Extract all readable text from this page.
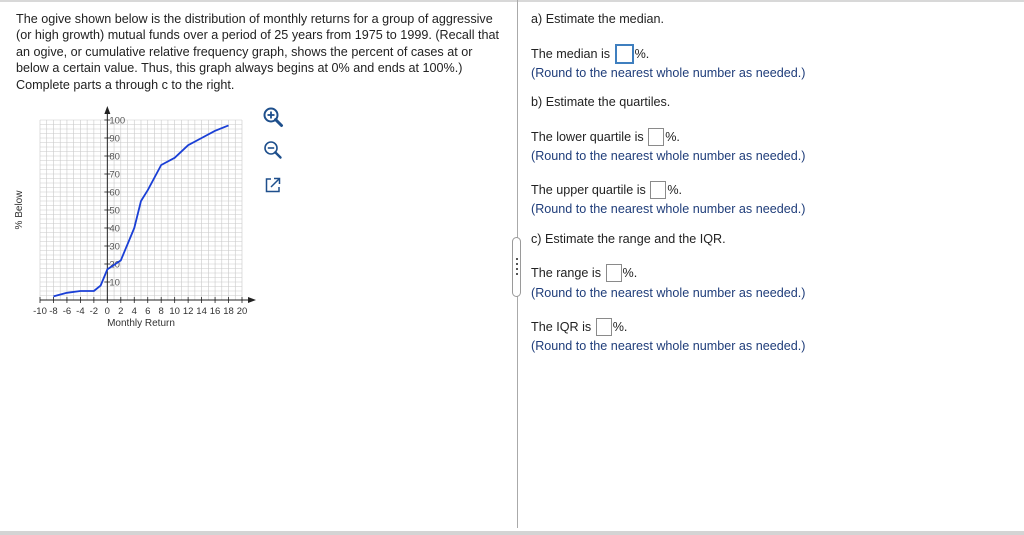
The ogive shown below is the distribution of monthly returns for a group of aggressive (or high growth) mutual funds over a period of 25 years from 1975 to 1999. (Recall that an ogive, or cumulative relative frequency graph, shows the percent of cases at or below a certain value. Thus, this graph always begins at 0% and ends at 100%.) Complete parts a through c to the right.

-10 -8 -6 -4 -2 0 2 4 6 8 10 12 14 16 18 20
10
20
30
40
50
60
70
80
90
100
Monthly Return
% Below

a) Estimate the median.

The median is %.

(Round to the nearest whole number as needed.)

b) Estimate the quartiles.

The lower quartile is %.

(Round to the nearest whole number as needed.)

The upper quartile is %.

(Round to the nearest whole number as needed.)

c) Estimate the range and the IQR.

The range is %.

(Round to the nearest whole number as needed.)

The IQR is %.

(Round to the nearest whole number as needed.)
